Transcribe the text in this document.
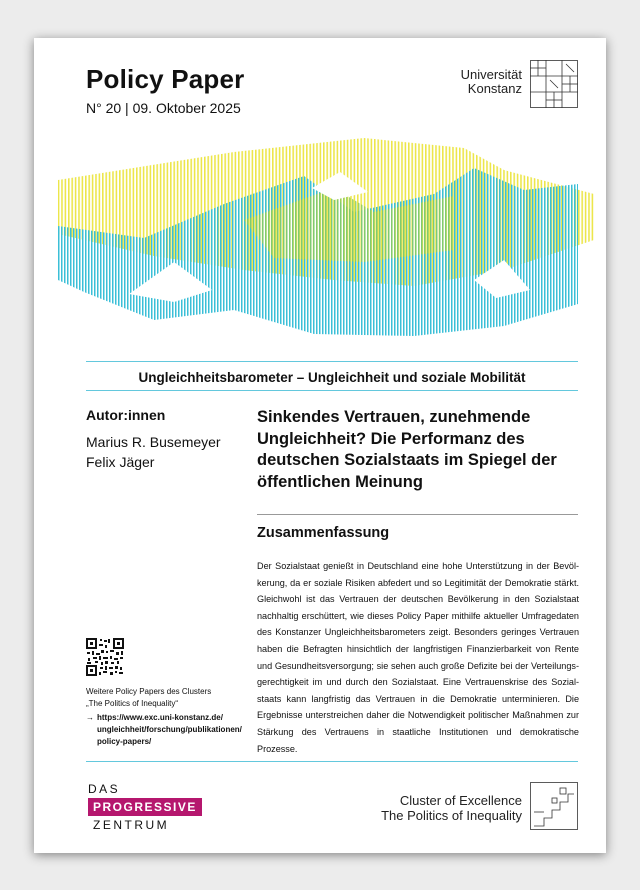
Policy Paper
N° 20 | 09. Oktober 2025
Universität
Konstanz
Ungleichheitsbarometer – Ungleichheit und soziale Mobilität
Autor:innen
Marius R. Busemeyer
Felix Jäger
Sinkendes Vertrauen, zunehmende Ungleichheit? Die Performanz des deutschen Sozialstaats im Spiegel der öffentlichen Meinung
Zusammenfassung

Der Sozialstaat genießt in Deutschland eine hohe Unterstützung in der Bevöl- kerung, da er soziale Risiken abfedert und so Legitimität der Demokratie stärkt. Gleichwohl ist das Vertrauen der deutschen Bevölkerung in den Sozialstaat nachhaltig erschüttert, wie dieses Policy Paper mithilfe aktueller Umfragedaten des Konstanzer Ungleichheitsbarometers zeigt. Besonders geringes Vertrauen haben die Befragten hinsichtlich der langfristigen Finanzierbarkeit von Rente und Gesundheitsversorgung; sie sehen auch große Defizite bei der Verteilungs- gerechtigkeit im und durch den Sozialstaat. Eine Vertrauenskrise des Sozial- staats kann langfristig das Vertrauen in die Demokratie unterminieren. Die Ergebnisse unterstreichen daher die Notwendigkeit politischer Maßnahmen zur Stärkung des Vertrauens in staatliche Institutionen und demokratische Prozesse.

Weitere Policy Papers des Clusters
„The Politics of Inequality“
→ https://www.exc.uni-konstanz.de/
ungleichheit/forschung/publikationen/
policy-papers/
DAS
PROGRESSIVE
ZENTRUM
Cluster of Excellence
The Politics of Inequality
